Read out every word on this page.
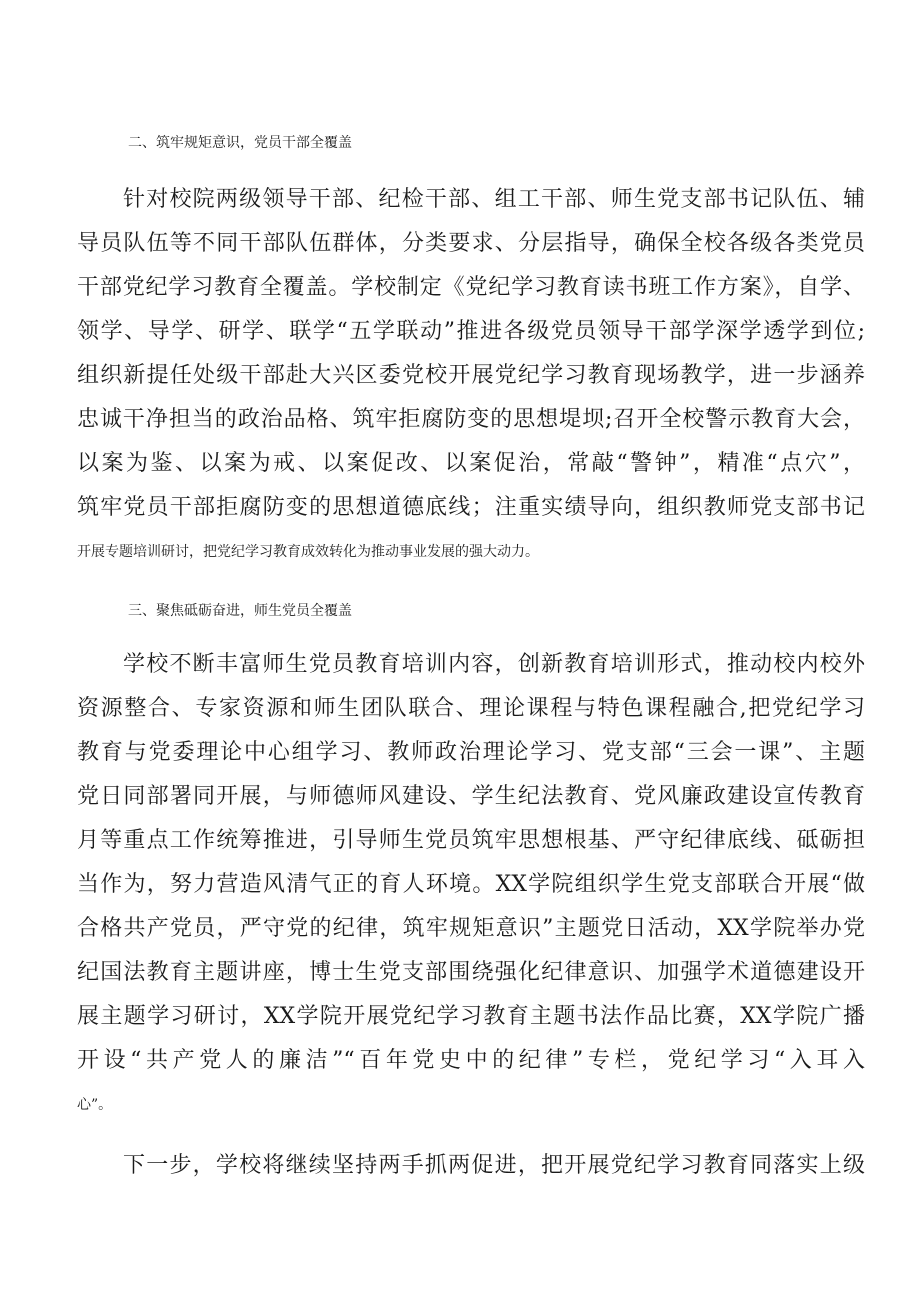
二、筑牢规矩意识，党员干部全覆盖
针对校院两级领导干部、纪检干部、组工干部、师生党支部书记队伍、辅
导员队伍等不同干部队伍群体，分类要求、分层指导，确保全校各级各类党员
干部党纪学习教育全覆盖。学校制定《党纪学习教育读书班工作方案》，自学、
领学、导学、研学、联学“五学联动”推进各级党员领导干部学深学透学到位;
组织新提任处级干部赴大兴区委党校开展党纪学习教育现场教学，进一步涵养
忠诚干净担当的政治品格、筑牢拒腐防变的思想堤坝;召开全校警示教育大会，
以案为鉴、以案为戒、以案促改、以案促治，常敲“警钟”，精准“点穴”，
筑牢党员干部拒腐防变的思想道德底线；注重实绩导向，组织教师党支部书记
开展专题培训研讨，把党纪学习教育成效转化为推动事业发展的强大动力。
三、聚焦砥砺奋进，师生党员全覆盖
学校不断丰富师生党员教育培训内容，创新教育培训形式，推动校内校外
资源整合、专家资源和师生团队联合、理论课程与特色课程融合,把党纪学习
教育与党委理论中心组学习、教师政治理论学习、党支部“三会一课”、主题
党日同部署同开展，与师德师风建设、学生纪法教育、党风廉政建设宣传教育
月等重点工作统筹推进，引导师生党员筑牢思想根基、严守纪律底线、砥砺担
当作为，努力营造风清气正的育人环境。XX学院组织学生党支部联合开展“做
合格共产党员，严守党的纪律，筑牢规矩意识”主题党日活动，XX学院举办党
纪国法教育主题讲座，博士生党支部围绕强化纪律意识、加强学术道德建设开
展主题学习研讨，XX学院开展党纪学习教育主题书法作品比赛，XX学院广播
开设“共产党人的廉洁”“百年党史中的纪律”专栏，党纪学习“入耳入
心”。
下一步，学校将继续坚持两手抓两促进，把开展党纪学习教育同落实上级
